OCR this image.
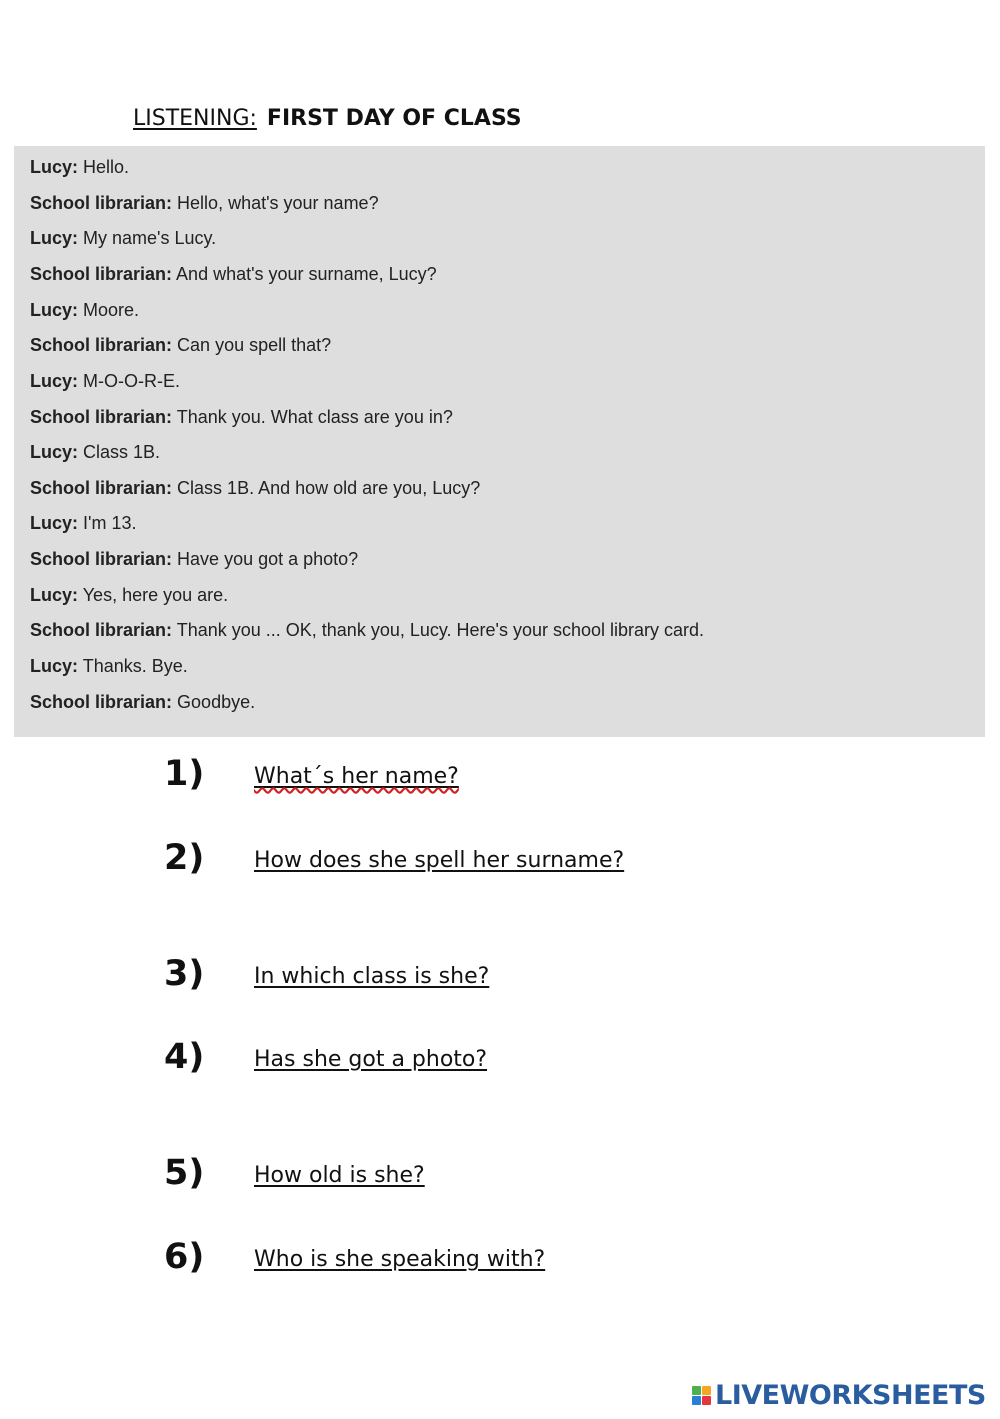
LISTENING: FIRST DAY OF CLASS
Lucy: Hello.
School librarian: Hello, what's your name?
Lucy: My name's Lucy.
School librarian: And what's your surname, Lucy?
Lucy: Moore.
School librarian: Can you spell that?
Lucy: M-O-O-R-E.
School librarian: Thank you. What class are you in?
Lucy: Class 1B.
School librarian: Class 1B. And how old are you, Lucy?
Lucy: I'm 13.
School librarian: Have you got a photo?
Lucy: Yes, here you are.
School librarian: Thank you ... OK, thank you, Lucy. Here's your school library card.
Lucy: Thanks. Bye.
School librarian: Goodbye.
1) What´s her name?
2) How does she spell her surname?
3) In which class is she?
4) Has she got a photo?
5) How old is she?
6) Who is she speaking with?
LIVEWORKSHEETS
